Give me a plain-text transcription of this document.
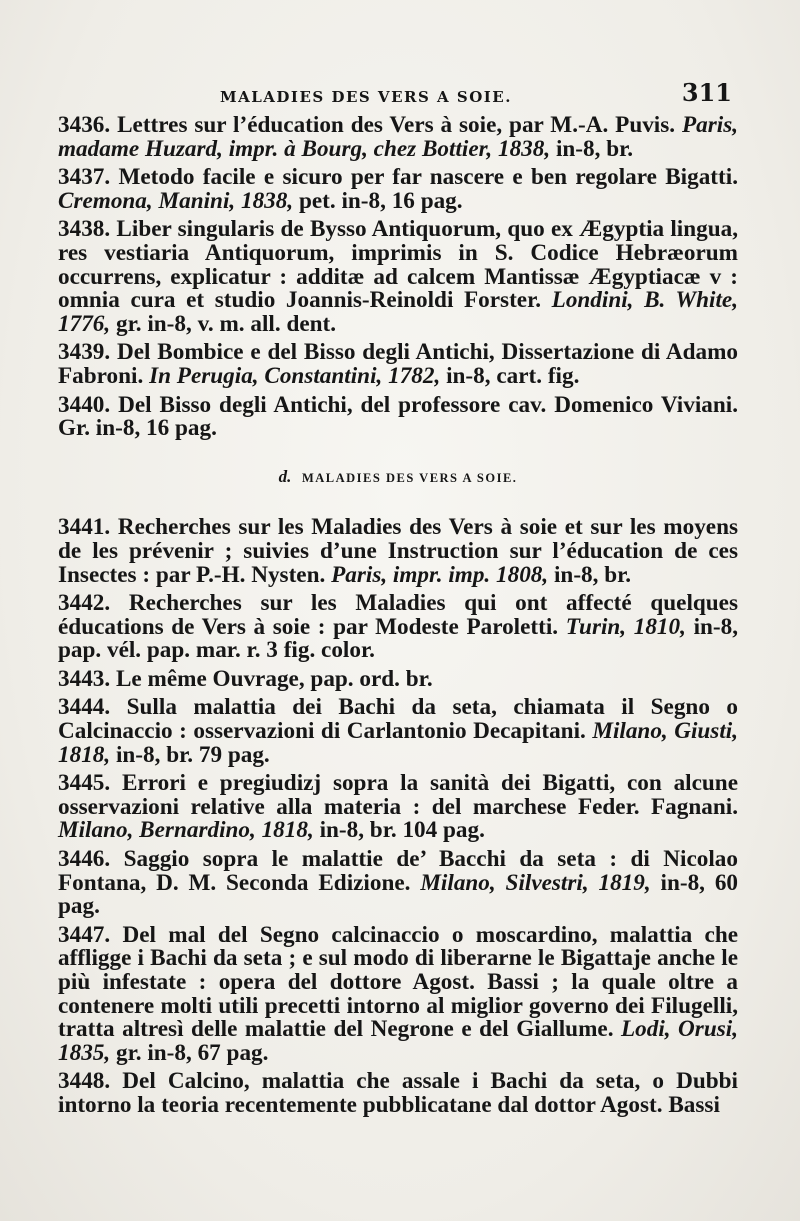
MALADIES DES VERS A SOIE.	311

3436. Lettres sur l’éducation des Vers à soie, par M.-A. Puvis. Paris, madame Huzard, impr. à Bourg, chez Bottier, 1838, in-8, br.

3437. Metodo facile e sicuro per far nascere e ben regolare Bigatti. Cremona, Manini, 1838, pet. in-8, 16 pag.

3438. Liber singularis de Bysso Antiquorum, quo ex Ægyptia lingua, res vestiaria Antiquorum, imprimis in S. Codice Hebræorum occurrens, explicatur : additæ ad calcem Mantissæ Ægyptiacæ v : omnia cura et studio Joannis-Reinoldi Forster. Londini, B. White, 1776, gr. in-8, v. m. all. dent.

3439. Del Bombice e del Bisso degli Antichi, Dissertazione di Adamo Fabroni. In Perugia, Constantini, 1782, in-8, cart. fig.

3440. Del Bisso degli Antichi, del professore cav. Domenico Viviani. Gr. in-8, 16 pag.

d. MALADIES DES VERS A SOIE.

3441. Recherches sur les Maladies des Vers à soie et sur les moyens de les prévenir ; suivies d’une Instruction sur l’éducation de ces Insectes : par P.-H. Nysten. Paris, impr. imp. 1808, in-8, br.

3442. Recherches sur les Maladies qui ont affecté quelques éducations de Vers à soie : par Modeste Paroletti. Turin, 1810, in-8, pap. vél. pap. mar. r. 3 fig. color.

3443. Le même Ouvrage, pap. ord. br.

3444. Sulla malattia dei Bachi da seta, chiamata il Segno o Calcinaccio : osservazioni di Carlantonio Decapitani. Milano, Giusti, 1818, in-8, br. 79 pag.

3445. Errori e pregiudizj sopra la sanità dei Bigatti, con alcune osservazioni relative alla materia : del marchese Feder. Fagnani. Milano, Bernardino, 1818, in-8, br. 104 pag.

3446. Saggio sopra le malattie de’ Bacchi da seta : di Nicolao Fontana, D. M. Seconda Edizione. Milano, Silvestri, 1819, in-8, 60 pag.

3447. Del mal del Segno calcinaccio o moscardino, malattia che affligge i Bachi da seta ; e sul modo di liberarne le Bigattaje anche le più infestate : opera del dottore Agost. Bassi ; la quale oltre a contenere molti utili precetti intorno al miglior governo dei Filugelli, tratta altresì delle malattie del Negrone e del Giallume. Lodi, Orusi, 1835, gr. in-8, 67 pag.

3448. Del Calcino, malattia che assale i Bachi da seta, o Dubbi intorno la teoria recentemente pubblicatane dal dottor Agost. Bassi
